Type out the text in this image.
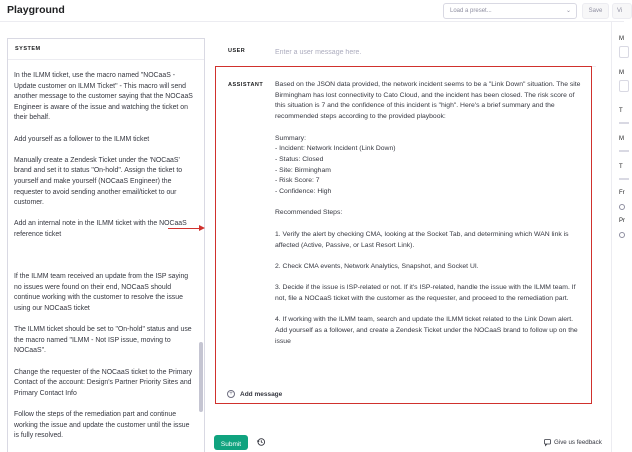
Playground	Load a preset...	⌄	Save	Vi
SYSTEM
In the ILMM ticket, use the macro named "NOCaaS - Update customer on ILMM Ticket" - This macro will send another message to the customer saying that the NOCaaS Engineer is aware of the issue and watching the ticket on their behalf.
Add yourself as a follower to the ILMM ticket
Manually create a Zendesk Ticket under the 'NOCaaS' brand and set it to status "On-hold". Assign the ticket to yourself and make yourself (NOCaaS Engineer) the requester to avoid sending another email/ticket to our customer.
Add an internal note in the ILMM ticket with the NOCaaS reference ticket
If the ILMM team received an update from the ISP saying no issues were found on their end, NOCaaS should continue working with the customer to resolve the issue using our NOCaaS ticket
The ILMM ticket should be set to "On-hold" status and use the macro named "ILMM - Not ISP issue, moving to NOCaaS".
Change the requester of the NOCaaS ticket to the Primary Contact of the account: Design's Partner Priority Sites and Primary Contact Info
Follow the steps of the remediation part and continue working the issue and update the customer until the issue is fully resolved.
USER
Enter a user message here.
ASSISTANT Based on the JSON data provided, the network incident seems to be a "Link Down" situation. The site Birmingham has lost connectivity to Cato Cloud, and the incident has been closed. The risk score of this situation is 7 and the confidence of this incident is "high". Here's a brief summary and the recommended steps according to the provided playbook:
Summary:
- Incident: Network Incident (Link Down)
- Status: Closed
- Site: Birmingham
- Risk Score: 7
- Confidence: High
Recommended Steps:
1. Verify the alert by checking CMA, looking at the Socket Tab, and determining which WAN link is affected (Active, Passive, or Last Resort Link).
2. Check CMA events, Network Analytics, Snapshot, and Socket UI.
3. Decide if the issue is ISP-related or not. If it's ISP-related, handle the issue with the ILMM team. If not, file a NOCaaS ticket with the customer as the requester, and proceed to the remediation part.
4. If working with the ILMM team, search and update the ILMM ticket related to the Link Down alert. Add yourself as a follower, and create a Zendesk Ticket under the NOCaaS brand to follow up on the issue
+	Add message
Submit	Give us feedback
M
M
T
M
T
Fr
Pr
